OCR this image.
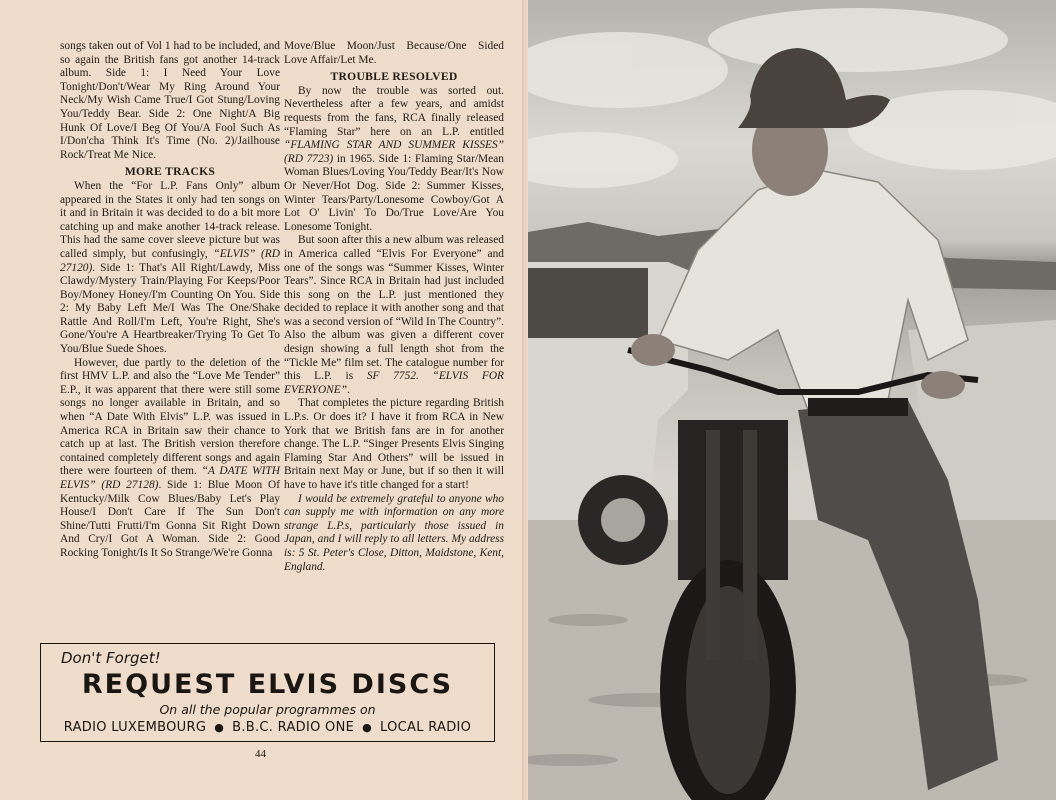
songs taken out of Vol 1 had to be included, and so again the British fans got another 14-track album. Side 1: I Need Your Love Tonight/Don't/Wear My Ring Around Your Neck/My Wish Came True/I Got Stung/Loving You/Teddy Bear. Side 2: One Night/A Big Hunk Of Love/I Beg Of You/A Fool Such As I/Don'cha Think It's Time (No. 2)/Jailhouse Rock/Treat Me Nice.

MORE TRACKS

When the “For L.P. Fans Only” album appeared in the States it only had ten songs on it and in Britain it was decided to do a bit more catching up and make another 14-track release. This had the same cover sleeve picture but was called simply, but confusingly, “ELVIS” (RD 27120). Side 1: That's All Right/Lawdy, Miss Clawdy/Mystery Train/Playing For Keeps/Poor Boy/Money Honey/I'm Counting On You. Side 2: My Baby Left Me/I Was The One/Shake Rattle And Roll/I'm Left, You're Right, She's Gone/You're A Heartbreaker/Trying To Get To You/Blue Suede Shoes.

However, due partly to the deletion of the first HMV L.P. and also the “Love Me Tender” E.P., it was apparent that there were still some songs no longer available in Britain, and so when “A Date With Elvis” L.P. was issued in America RCA in Britain saw their chance to catch up at last. The British version therefore contained completely different songs and again there were fourteen of them. “A DATE WITH ELVIS” (RD 27128). Side 1: Blue Moon Of Kentucky/Milk Cow Blues/Baby Let's Play House/I Don't Care If The Sun Don't Shine/Tutti Frutti/I'm Gonna Sit Right Down And Cry/I Got A Woman. Side 2: Good Rocking Tonight/Is It So Strange/We're Gonna

Move/Blue Moon/Just Because/One Sided Love Affair/Let Me.

TROUBLE RESOLVED

By now the trouble was sorted out. Nevertheless after a few years, and amidst requests from the fans, RCA finally released “Flaming Star” here on an L.P. entitled “FLAMING STAR AND SUMMER KISSES” (RD 7723) in 1965. Side 1: Flaming Star/Mean Woman Blues/Loving You/Teddy Bear/It's Now Or Never/Hot Dog. Side 2: Summer Kisses, Winter Tears/Party/Lonesome Cowboy/Got A Lot O' Livin' To Do/True Love/Are You Lonesome Tonight.

But soon after this a new album was released in America called “Elvis For Everyone” and one of the songs was “Summer Kisses, Winter Tears”. Since RCA in Britain had just included this song on the L.P. just mentioned they decided to replace it with another song and that was a second version of “Wild In The Country”. Also the album was given a different cover design showing a full length shot from the “Tickle Me” film set. The catalogue number for this L.P. is SF 7752. “ELVIS FOR EVERYONE”.

That completes the picture regarding British L.P.s. Or does it? I have it from RCA in New York that we British fans are in for another change. The L.P. “Singer Presents Elvis Singing Flaming Star And Others” will be issued in Britain next May or June, but if so then it will have to have it's title changed for a start!

I would be extremely grateful to anyone who can supply me with information on any more strange L.P.s, particularly those issued in Japan, and I will reply to all letters. My address is: 5 St. Peter's Close, Ditton, Maidstone, Kent, England.

Don't Forget!
REQUEST ELVIS DISCS
On all the popular programmes on
RADIO LUXEMBOURG ● B.B.C. RADIO ONE ● LOCAL RADIO
44
